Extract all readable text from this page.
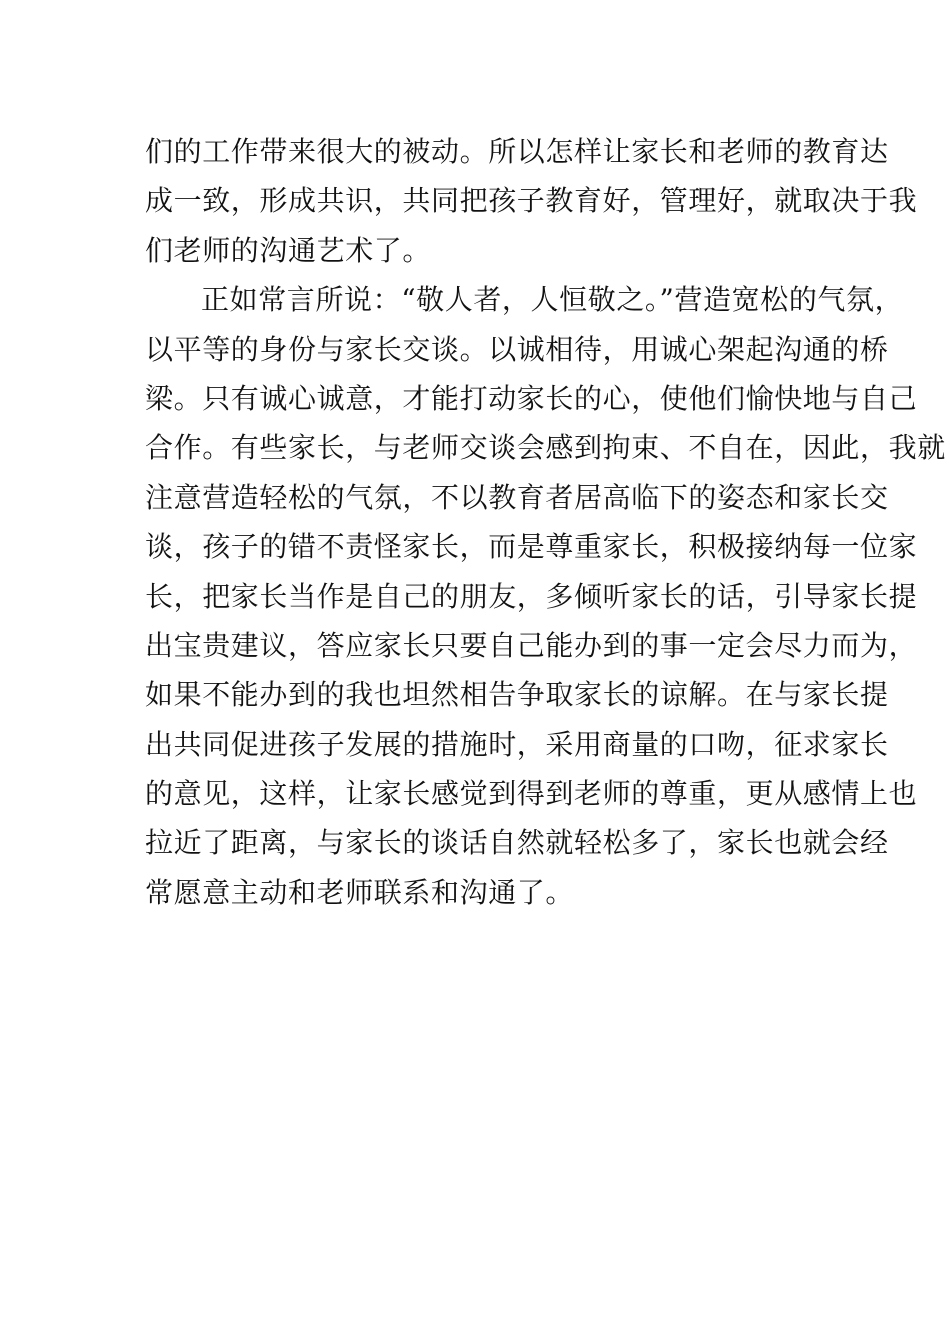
们的工作带来很大的被动。所以怎样让家长和老师的教育达
成一致，形成共识，共同把孩子教育好，管理好，就取决于我
们老师的沟通艺术了。
正如常言所说：“敬人者，人恒敬之。”营造宽松的气氛，
以平等的身份与家长交谈。以诚相待，用诚心架起沟通的桥
梁。只有诚心诚意，才能打动家长的心，使他们愉快地与自己
合作。有些家长，与老师交谈会感到拘束、不自在，因此，我就
注意营造轻松的气氛，不以教育者居高临下的姿态和家长交
谈，孩子的错不责怪家长，而是尊重家长，积极接纳每一位家
长，把家长当作是自己的朋友，多倾听家长的话，引导家长提
出宝贵建议，答应家长只要自己能办到的事一定会尽力而为，
如果不能办到的我也坦然相告争取家长的谅解。在与家长提
出共同促进孩子发展的措施时，采用商量的口吻，征求家长
的意见，这样，让家长感觉到得到老师的尊重，更从感情上也
拉近了距离，与家长的谈话自然就轻松多了，家长也就会经
常愿意主动和老师联系和沟通了。
